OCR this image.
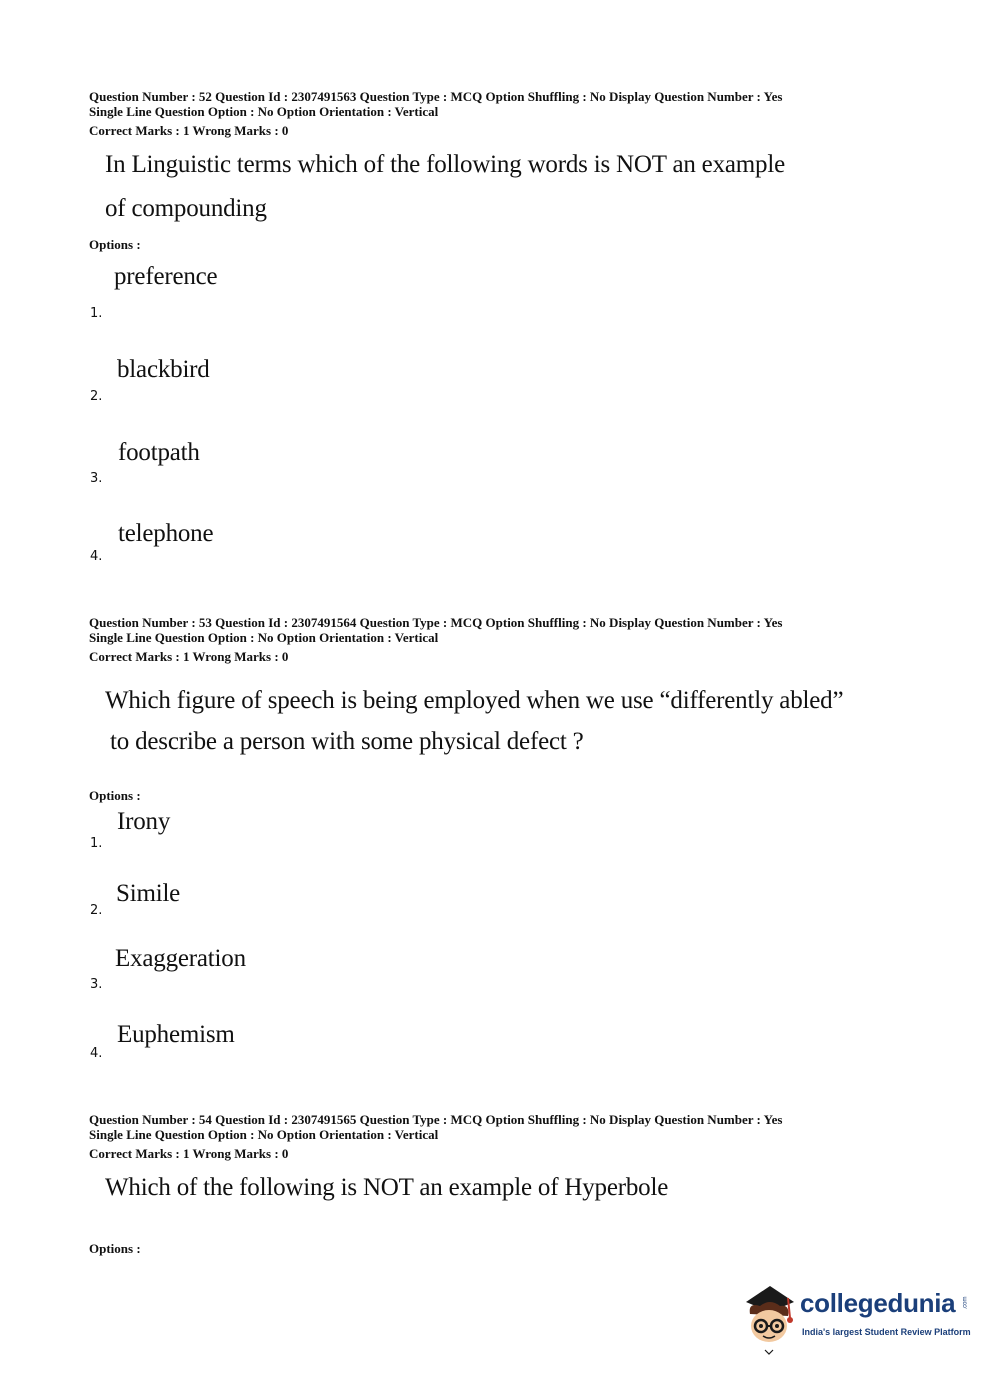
Question Number : 52 Question Id : 2307491563 Question Type : MCQ Option Shuffling : No Display Question Number : Yes
Single Line Question Option : No Option Orientation : Vertical
Correct Marks : 1 Wrong Marks : 0
In Linguistic terms which of the following words is NOT an example
of compounding
Options :
preference
1.
blackbird
2.
footpath
3.
telephone
4.
Question Number : 53 Question Id : 2307491564 Question Type : MCQ Option Shuffling : No Display Question Number : Yes
Single Line Question Option : No Option Orientation : Vertical
Correct Marks : 1 Wrong Marks : 0
Which figure of speech is being employed when we use “differently abled”
to describe a person with some physical defect ?
Options :
Irony
1.
Simile
2.
Exaggeration
3.
Euphemism
4.
Question Number : 54 Question Id : 2307491565 Question Type : MCQ Option Shuffling : No Display Question Number : Yes
Single Line Question Option : No Option Orientation : Vertical
Correct Marks : 1 Wrong Marks : 0
Which of the following is NOT an example of Hyperbole
Options :
collegedunia .com
India's largest Student Review Platform
